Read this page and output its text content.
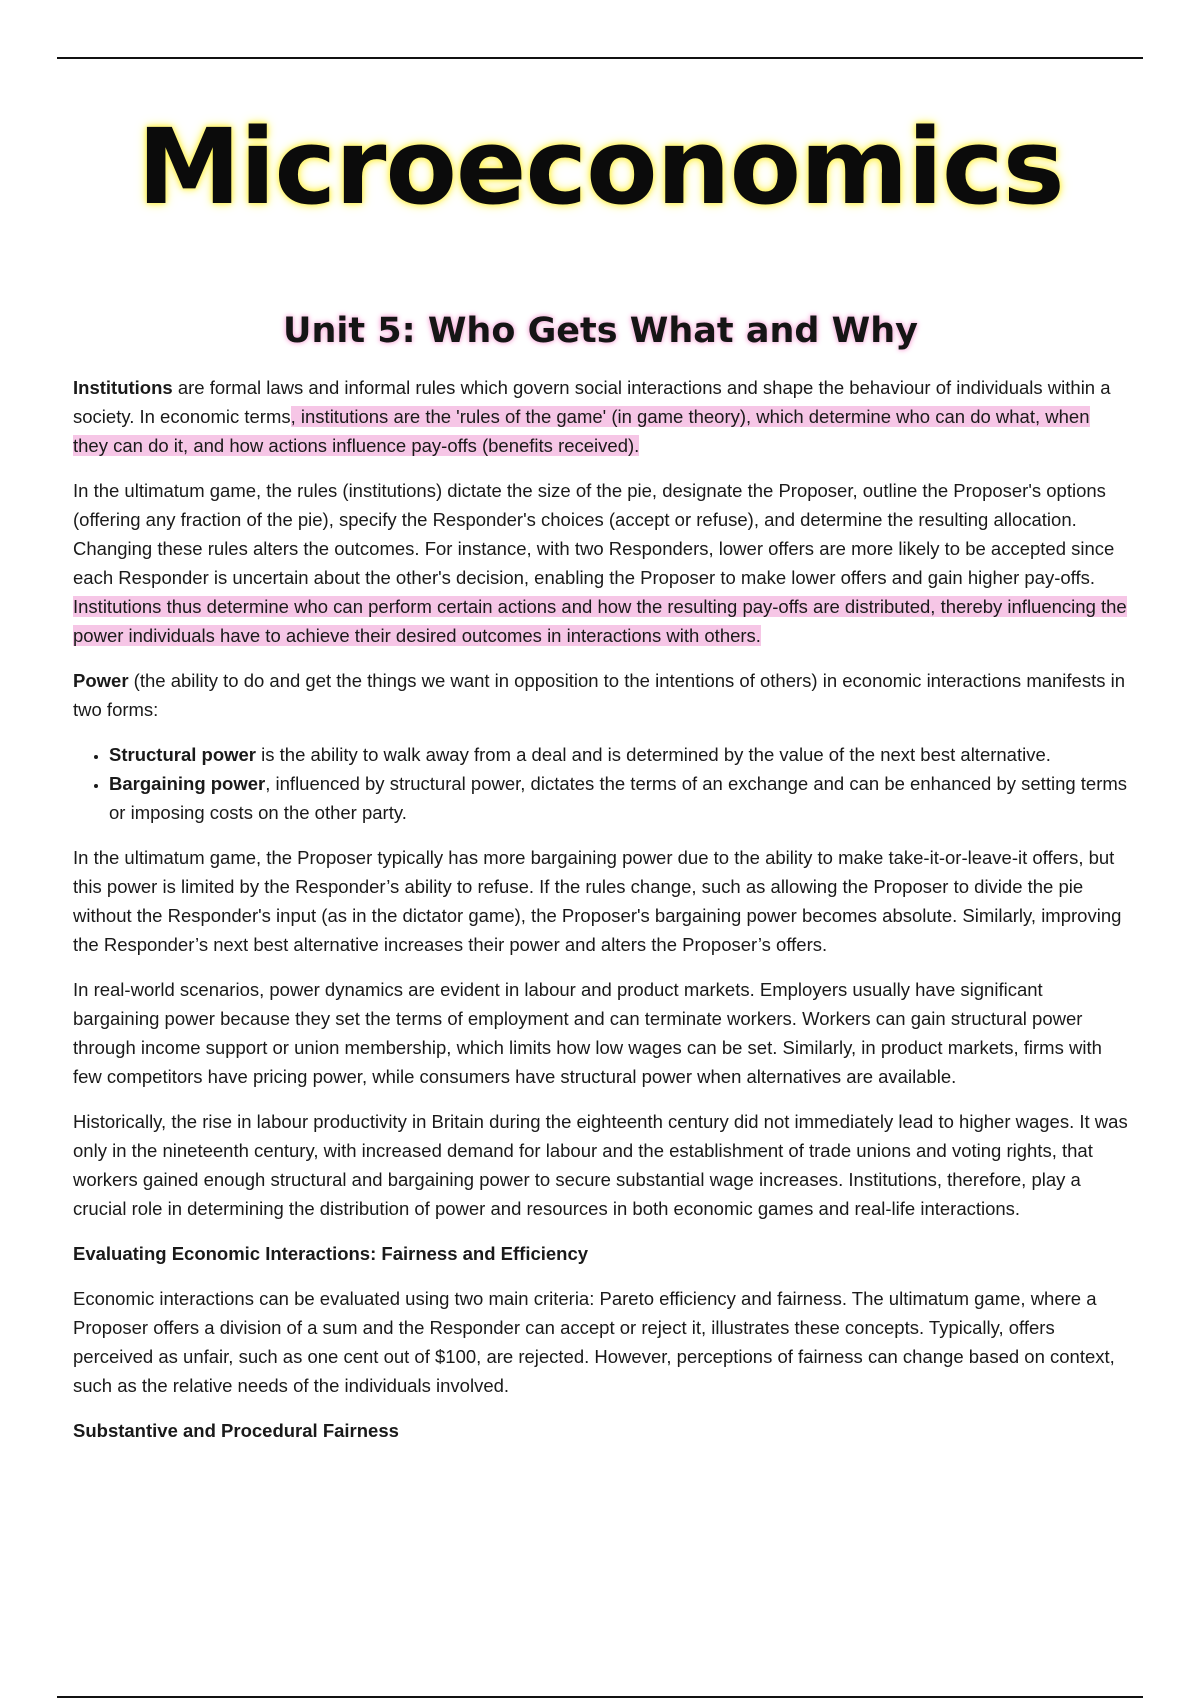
Microeconomics
Unit 5: Who Gets What and Why

Institutions are formal laws and informal rules which govern social interactions and shape the behaviour of individuals within a society. In economic terms, institutions are the 'rules of the game' (in game theory), which determine who can do what, when they can do it, and how actions influence pay-offs (benefits received).

In the ultimatum game, the rules (institutions) dictate the size of the pie, designate the Proposer, outline the Proposer's options (offering any fraction of the pie), specify the Responder's choices (accept or refuse), and determine the resulting allocation. Changing these rules alters the outcomes. For instance, with two Responders, lower offers are more likely to be accepted since each Responder is uncertain about the other's decision, enabling the Proposer to make lower offers and gain higher pay-offs. Institutions thus determine who can perform certain actions and how the resulting pay-offs are distributed, thereby influencing the power individuals have to achieve their desired outcomes in interactions with others.

Power (the ability to do and get the things we want in opposition to the intentions of others) in economic interactions manifests in two forms:

• Structural power is the ability to walk away from a deal and is determined by the value of the next best alternative.
• Bargaining power, influenced by structural power, dictates the terms of an exchange and can be enhanced by setting terms or imposing costs on the other party.

In the ultimatum game, the Proposer typically has more bargaining power due to the ability to make take-it-or-leave-it offers, but this power is limited by the Responder’s ability to refuse. If the rules change, such as allowing the Proposer to divide the pie without the Responder's input (as in the dictator game), the Proposer's bargaining power becomes absolute. Similarly, improving the Responder’s next best alternative increases their power and alters the Proposer’s offers.

In real-world scenarios, power dynamics are evident in labour and product markets. Employers usually have significant bargaining power because they set the terms of employment and can terminate workers. Workers can gain structural power through income support or union membership, which limits how low wages can be set. Similarly, in product markets, firms with few competitors have pricing power, while consumers have structural power when alternatives are available.

Historically, the rise in labour productivity in Britain during the eighteenth century did not immediately lead to higher wages. It was only in the nineteenth century, with increased demand for labour and the establishment of trade unions and voting rights, that workers gained enough structural and bargaining power to secure substantial wage increases. Institutions, therefore, play a crucial role in determining the distribution of power and resources in both economic games and real-life interactions.

Evaluating Economic Interactions: Fairness and Efficiency

Economic interactions can be evaluated using two main criteria: Pareto efficiency and fairness. The ultimatum game, where a Proposer offers a division of a sum and the Responder can accept or reject it, illustrates these concepts. Typically, offers perceived as unfair, such as one cent out of $100, are rejected. However, perceptions of fairness can change based on context, such as the relative needs of the individuals involved.

Substantive and Procedural Fairness
